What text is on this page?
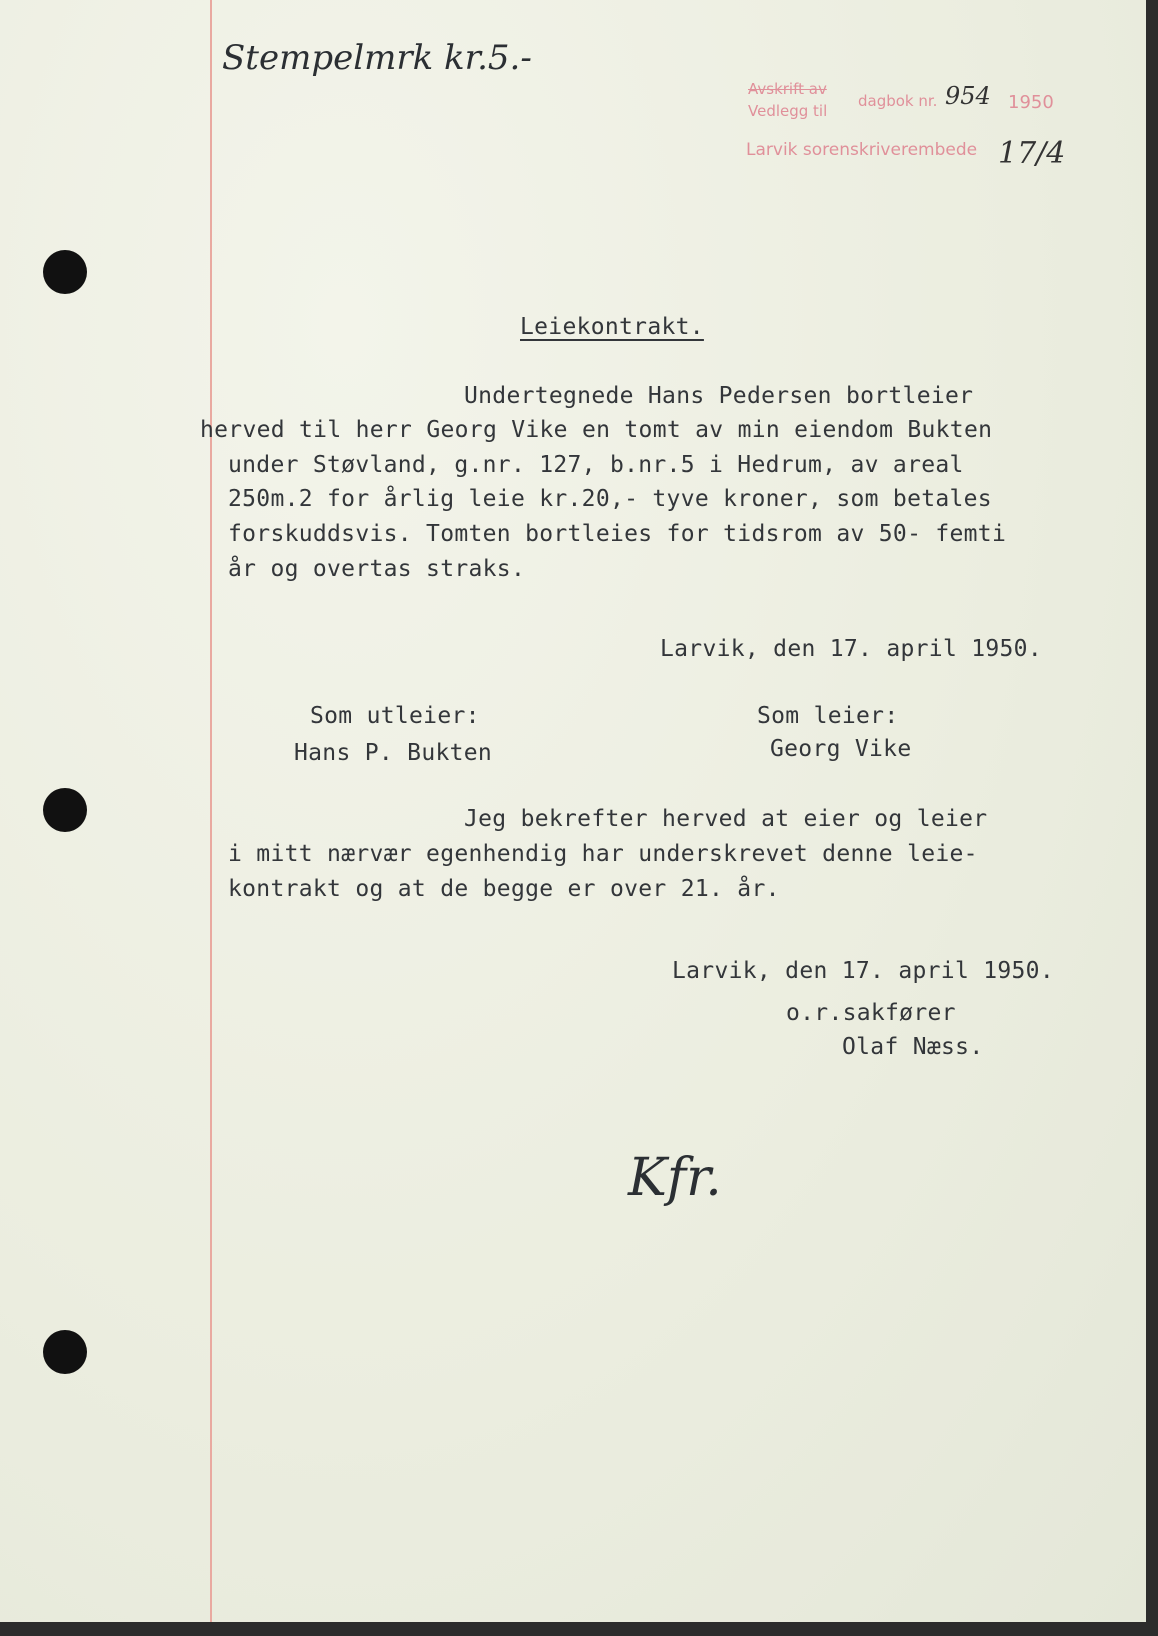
Stempelmrk kr.5.-
Avskrift av
Vedlegg til
dagbok nr. 954 1950
Larvik sorenskriverembede 17/4
Leiekontrakt.
Undertegnede Hans Pedersen bortleier
herved til herr Georg Vike en tomt av min eiendom Bukten
under Støvland, g.nr. 127, b.nr.5 i Hedrum, av areal
250m.2 for årlig leie kr.20,- tyve kroner, som betales
forskuddsvis. Tomten bortleies for tidsrom av 50- femti
år og overtas straks.
Larvik, den 17. april 1950.
Som utleier:
Hans P. Bukten
Som leier:
Georg Vike
Jeg bekrefter herved at eier og leier
i mitt nærvær egenhendig har underskrevet denne leie-
kontrakt og at de begge er over 21. år.
Larvik, den 17. april 1950.
o.r.sakfører
Olaf Næss.
Kfr.
